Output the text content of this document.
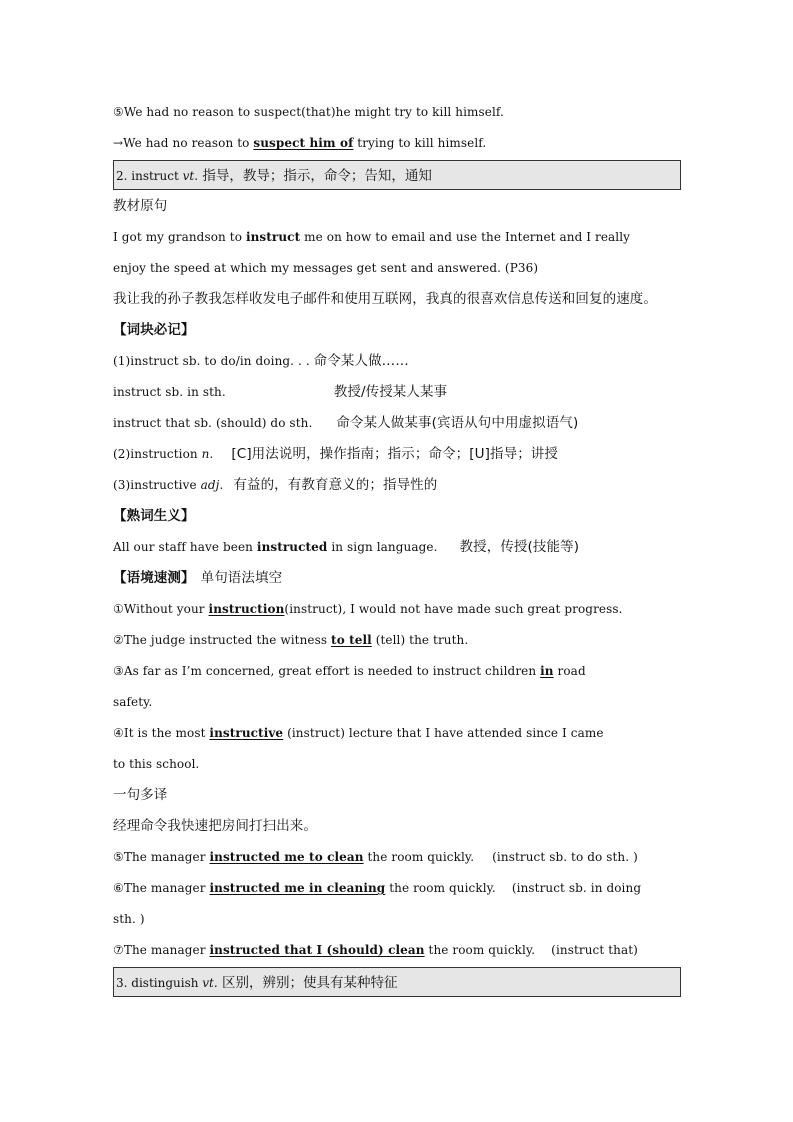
⑤We had no reason to suspect(that)he might try to kill himself.
→We had no reason to suspect him of trying to kill himself.
2. instruct vt. 指导，教导；指示，命令；告知，通知
教材原句
I got my grandson to instruct me on how to email and use the Internet and I really
enjoy the speed at which my messages get sent and answered. (P36)
我让我的孙子教我怎样收发电子邮件和使用互联网，我真的很喜欢信息传送和回复的速度。
【词块必记】
(1)instruct sb. to do/in doing. . . 命令某人做……
instruct sb. in sth.	教授/传授某人某事
instruct that sb. (should) do sth. 命令某人做某事(宾语从句中用虚拟语气)
(2)instruction n. [C]用法说明，操作指南；指示；命令；[U]指导；讲授
(3)instructive adj. 有益的，有教育意义的；指导性的
【熟词生义】
All our staff have been instructed in sign language. 教授，传授(技能等)
【语境速测】 单句语法填空
①Without your instruction(instruct), I would not have made such great progress.
②The judge instructed the witness to tell (tell) the truth.
③As far as I’m concerned, great effort is needed to instruct children in road
safety.
④It is the most instructive (instruct) lecture that I have attended since I came
to this school.
一句多译
经理命令我快速把房间打扫出来。
⑤The manager instructed me to clean the room quickly. (instruct sb. to do sth. )
⑥The manager instructed me in cleaning the room quickly. (instruct sb. in doing
sth. )
⑦The manager instructed that I (should) clean the room quickly. (instruct that)
3. distinguish vt. 区别，辨别；使具有某种特征
